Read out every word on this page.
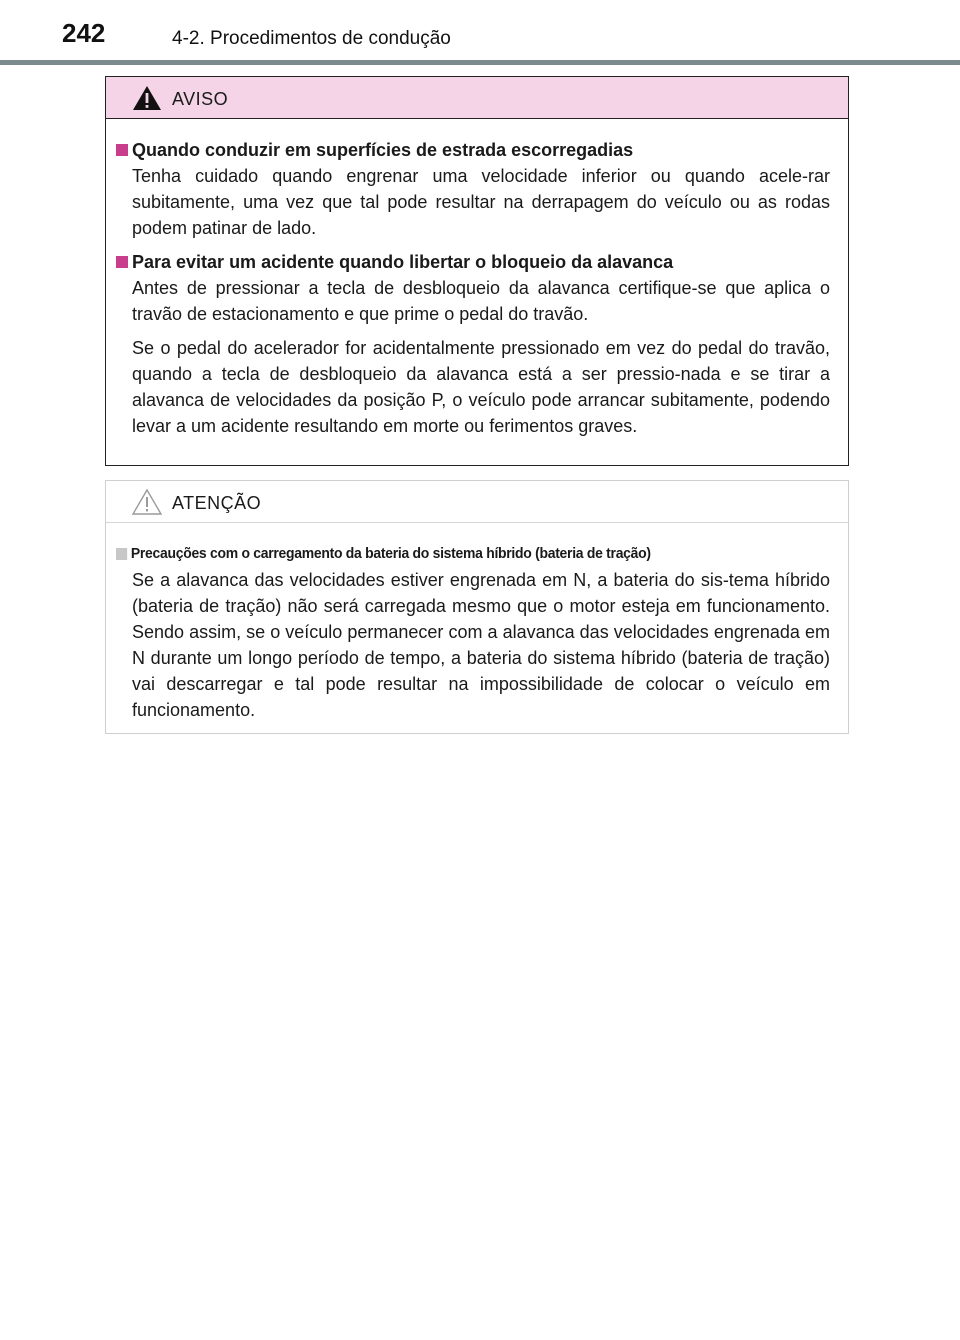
242	4-2. Procedimentos de condução
AVISO
Quando conduzir em superfícies de estrada escorregadias

Tenha cuidado quando engrenar uma velocidade inferior ou quando acele-rar subitamente, uma vez que tal pode resultar na derrapagem do veículo ou as rodas podem patinar de lado.

Para evitar um acidente quando libertar o bloqueio da alavanca

Antes de pressionar a tecla de desbloqueio da alavanca certifique-se que aplica o travão de estacionamento e que prime o pedal do travão.

Se o pedal do acelerador for acidentalmente pressionado em vez do pedal do travão, quando a tecla de desbloqueio da alavanca está a ser pressio-nada e se tirar a alavanca de velocidades da posição P, o veículo pode arrancar subitamente, podendo levar a um acidente resultando em morte ou ferimentos graves.

ATENÇÃO
Precauções com o carregamento da bateria do sistema híbrido (bateria de tração)

Se a alavanca das velocidades estiver engrenada em N, a bateria do sis-tema híbrido (bateria de tração) não será carregada mesmo que o motor esteja em funcionamento. Sendo assim, se o veículo permanecer com a alavanca das velocidades engrenada em N durante um longo período de tempo, a bateria do sistema híbrido (bateria de tração) vai descarregar e tal pode resultar na impossibilidade de colocar o veículo em funcionamento.
